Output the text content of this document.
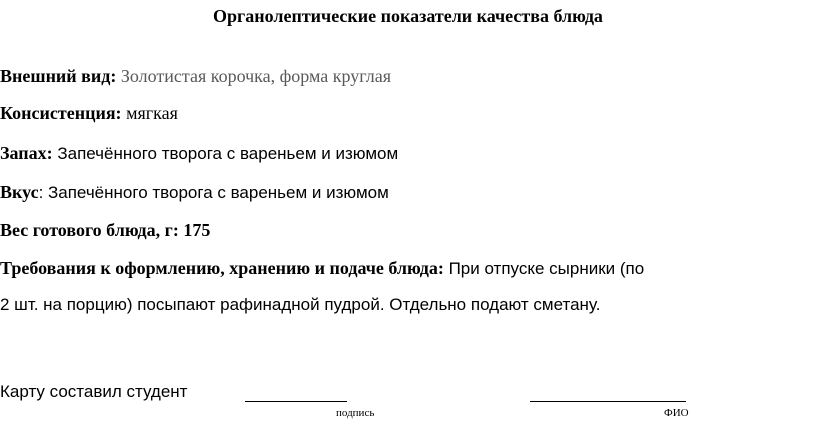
Органолептические показатели качества блюда
Внешний вид: Золотистая корочка, форма круглая
Консистенция: мягкая
Запах: Запечённого творога с вареньем и изюмом
Вкус: Запечённого творога с вареньем и изюмом
Вес готового блюда, г: 175
Требования к оформлению, хранению и подаче блюда: При отпуске сырники (по
2 шт. на порцию) посыпают рафинадной пудрой. Отдельно подают сметану.
Карту составил студент
подпись	ФИО
